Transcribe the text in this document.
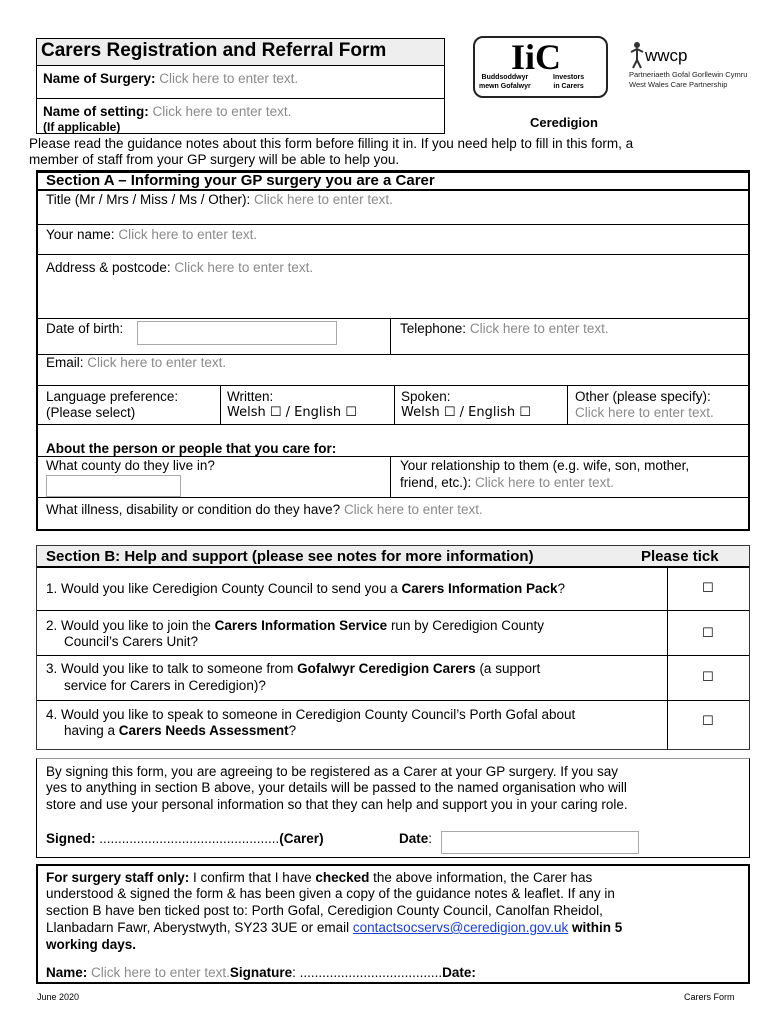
Carers Registration and Referral Form
Name of Surgery: Click here to enter text.
Name of setting: Click here to enter text.
(If applicable)
IiC
Buddsoddwyr
mewn Gofalwyr
Investors
in Carers
Ceredigion
wwcp
Partneriaeth Gofal Gorllewin Cymru
West Wales Care Partnership
Please read the guidance notes about this form before filling it in. If you need help to fill in this form, a
member of staff from your GP surgery will be able to help you.
Section A – Informing your GP surgery you are a Carer
Title (Mr / Mrs / Miss / Ms / Other): Click here to enter text.
Your name: Click here to enter text.
Address & postcode: Click here to enter text.
Date of birth:	Telephone: Click here to enter text.
Email: Click here to enter text.
Language preference:
(Please select)
Written:
Welsh ☐ / English ☐
Spoken:
Welsh ☐ / English ☐
Other (please specify):
Click here to enter text.
About the person or people that you care for:
What county do they live in?	Your relationship to them (e.g. wife, son, mother,
friend, etc.): Click here to enter text.
What illness, disability or condition do they have? Click here to enter text.
Section B: Help and support (please see notes for more information)	Please tick
1. Would you like Ceredigion County Council to send you a Carers Information Pack?	☐
2. Would you like to join the Carers Information Service run by Ceredigion County
Council’s Carers Unit?
☐
3. Would you like to talk to someone from Gofalwyr Ceredigion Carers (a support
service for Carers in Ceredigion)?
☐
4. Would you like to speak to someone in Ceredigion County Council’s Porth Gofal about
having a Carers Needs Assessment?
☐
By signing this form, you are agreeing to be registered as a Carer at your GP surgery. If you say
yes to anything in section B above, your details will be passed to the named organisation who will
store and use your personal information so that they can help and support you in your caring role.
Signed: ................................................(Carer)	Date:
For surgery staff only: I confirm that I have checked the above information, the Carer has
understood & signed the form & has been given a copy of the guidance notes & leaflet. If any in
section B have ben ticked post to: Porth Gofal, Ceredigion County Council, Canolfan Rheidol,
Llanbadarn Fawr, Aberystwyth, SY23 3UE or email contactsocservs@ceredigion.gov.uk within 5
working days.
Name: Click here to enter text.Signature: ......................................Date:
June 2020	Carers Form
